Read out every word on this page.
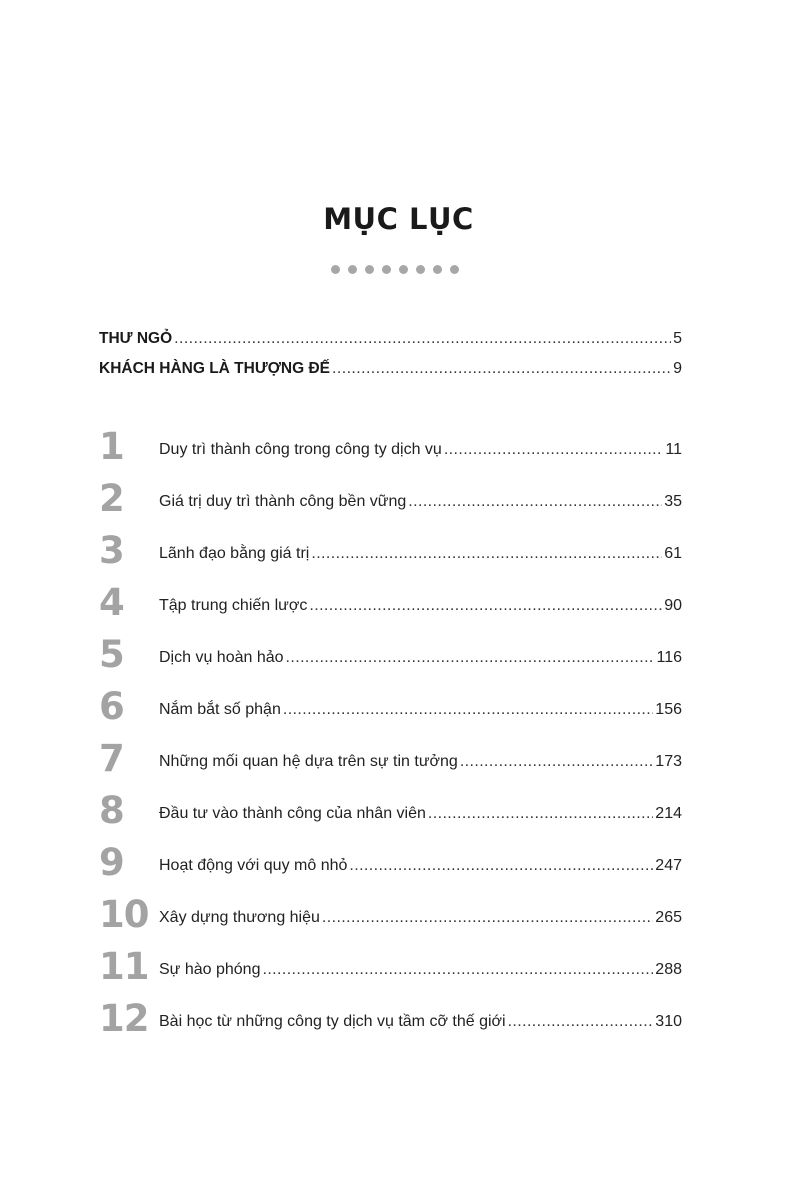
MỤC LỤC
THƯ NGỎ .....	5
KHÁCH HÀNG LÀ THƯỢNG ĐẾ .....	9
1 Duy trì thành công trong công ty dịch vụ .....	11
2 Giá trị duy trì thành công bền vững .....	35
3 Lãnh đạo bằng giá trị .....	61
4 Tập trung chiến lược .....	90
5 Dịch vụ hoàn hảo .....	116
6 Nắm bắt số phận .....	156
7 Những mối quan hệ dựa trên sự tin tưởng .....	173
8 Đầu tư vào thành công của nhân viên .....	214
9 Hoạt động với quy mô nhỏ .....	247
10 Xây dựng thương hiệu .....	265
11 Sự hào phóng .....	288
12 Bài học từ những công ty dịch vụ tầm cỡ thế giới .....	310
